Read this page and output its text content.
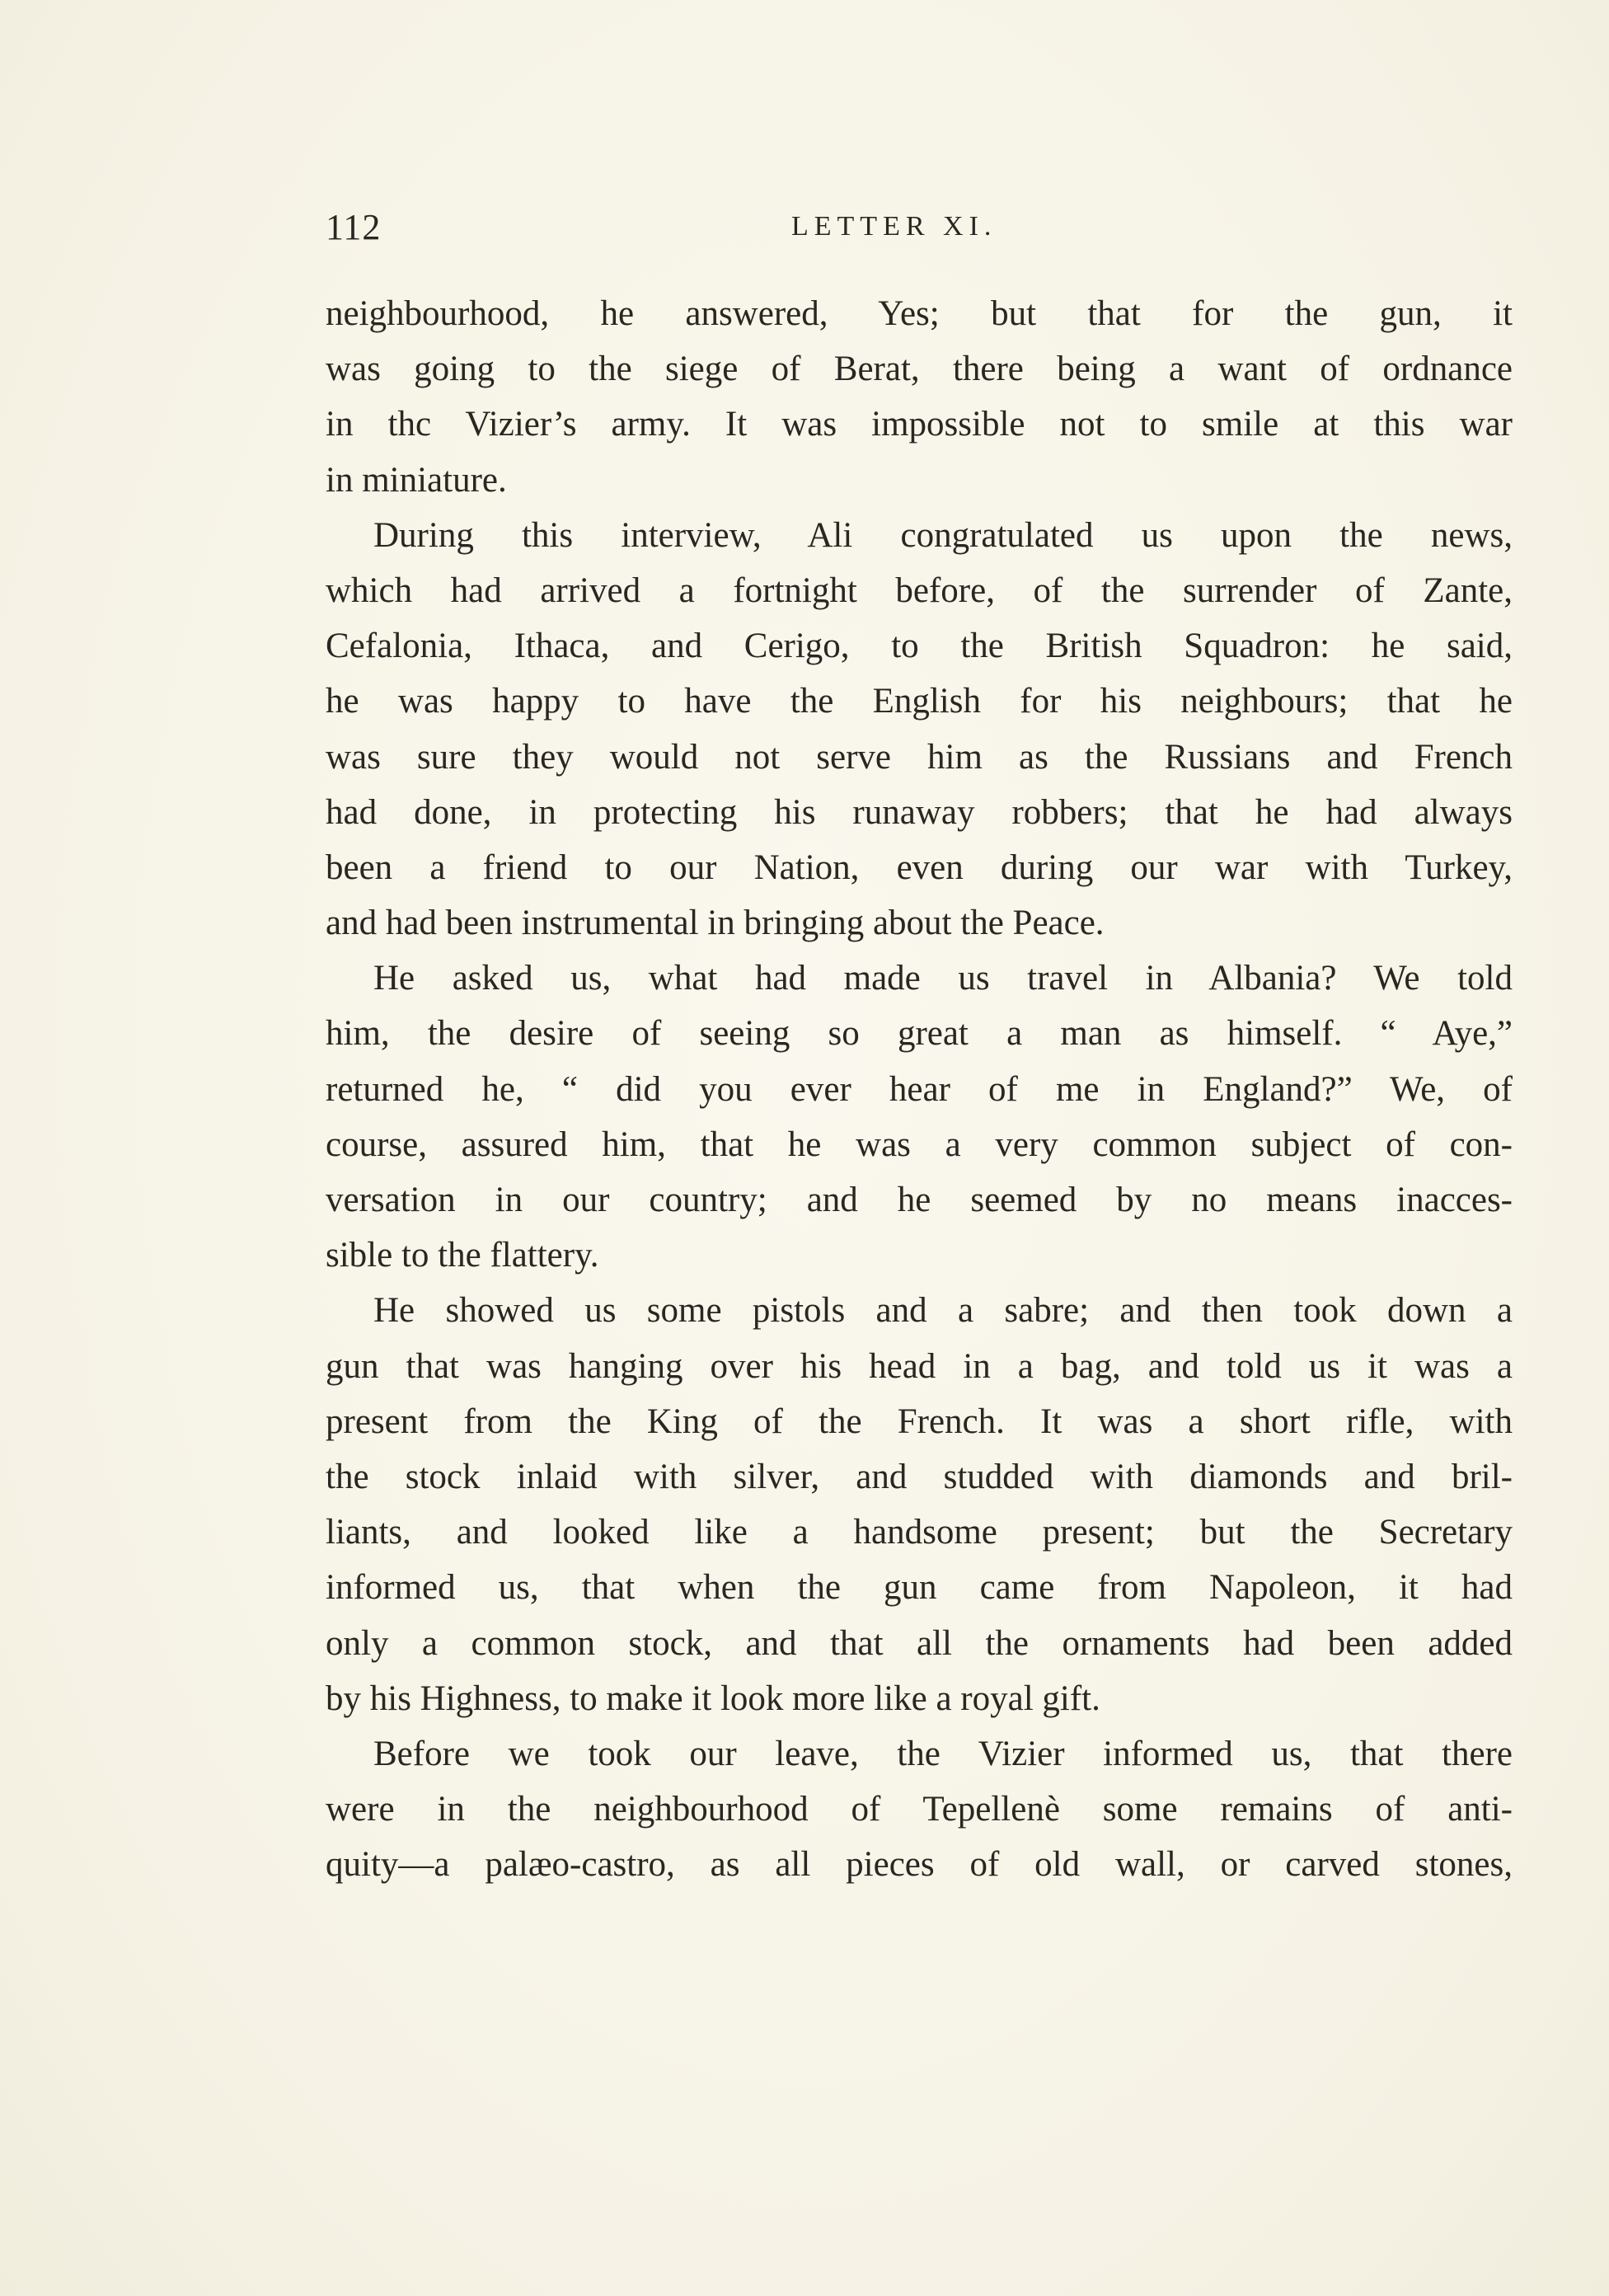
112	LETTER XI.
neighbourhood, he answered, Yes; but that for the gun, it
was going to the siege of Berat, there being a want of ordnance
in thc Vizier’s army. It was impossible not to smile at this war
in miniature.
During this interview, Ali congratulated us upon the news,
which had arrived a fortnight before, of the surrender of Zante,
Cefalonia, Ithaca, and Cerigo, to the British Squadron: he said,
he was happy to have the English for his neighbours; that he
was sure they would not serve him as the Russians and French
had done, in protecting his runaway robbers; that he had always
been a friend to our Nation, even during our war with Turkey,
and had been instrumental in bringing about the Peace.
He asked us, what had made us travel in Albania? We told
him, the desire of seeing so great a man as himself. “ Aye,”
returned he, “ did you ever hear of me in England?” We, of
course, assured him, that he was a very common subject of con-
versation in our country; and he seemed by no means inacces-
sible to the flattery.
He showed us some pistols and a sabre; and then took down a
gun that was hanging over his head in a bag, and told us it was a
present from the King of the French. It was a short rifle, with
the stock inlaid with silver, and studded with diamonds and bril-
liants, and looked like a handsome present; but the Secretary
informed us, that when the gun came from Napoleon, it had
only a common stock, and that all the ornaments had been added
by his Highness, to make it look more like a royal gift.
Before we took our leave, the Vizier informed us, that there
were in the neighbourhood of Tepellenè some remains of anti-
quity—a palæo-castro, as all pieces of old wall, or carved stones,
